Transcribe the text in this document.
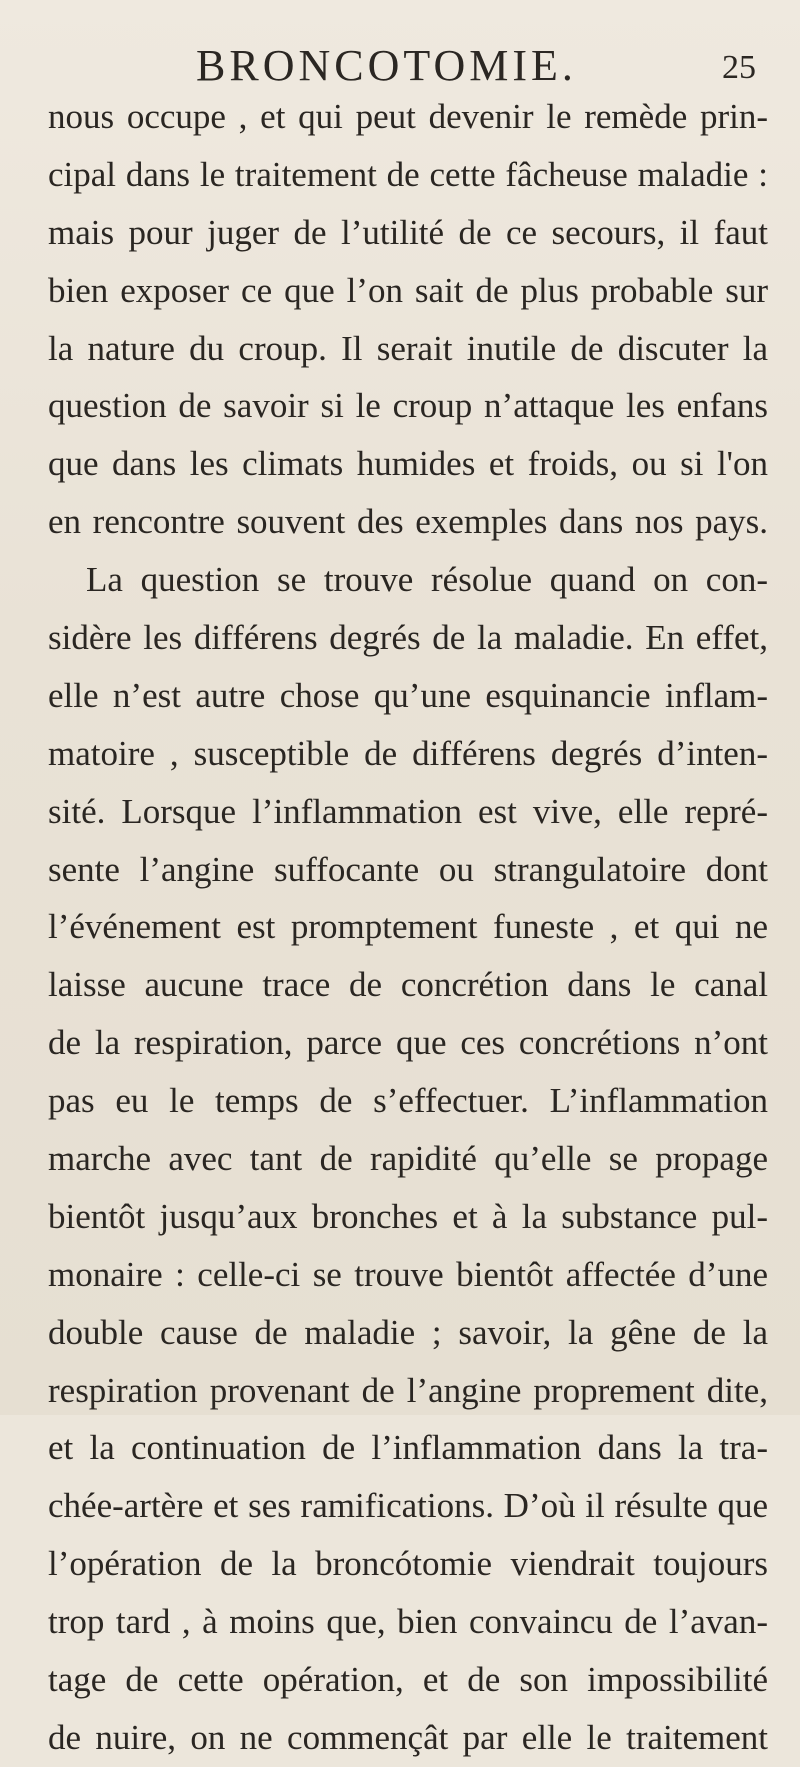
BRONCOTOMIE.	25
nous occupe , et qui peut devenir le remède prin-
cipal dans le traitement de cette fâcheuse maladie :
mais pour juger de l’utilité de ce secours, il faut
bien exposer ce que l’on sait de plus probable sur
la nature du croup. Il serait inutile de discuter la
question de savoir si le croup n’attaque les enfans
que dans les climats humides et froids, ou si l'on
en rencontre souvent des exemples dans nos pays.
La question se trouve résolue quand on con-
sidère les différens degrés de la maladie. En effet,
elle n’est autre chose qu’une esquinancie inflam-
matoire , susceptible de différens degrés d’inten-
sité. Lorsque l’inflammation est vive, elle repré-
sente l’angine suffocante ou strangulatoire dont
l’événement est promptement funeste , et qui ne
laisse aucune trace de concrétion dans le canal
de la respiration, parce que ces concrétions n’ont
pas eu le temps de s’effectuer. L’inflammation
marche avec tant de rapidité qu’elle se propage
bientôt jusqu’aux bronches et à la substance pul-
monaire : celle-ci se trouve bientôt affectée d’une
double cause de maladie ; savoir, la gêne de la
respiration provenant de l’angine proprement dite,
et la continuation de l’inflammation dans la tra-
chée-artère et ses ramifications. D’où il résulte que
l’opération de la broncótomie viendrait toujours
trop tard , à moins que, bien convaincu de l’avan-
tage de cette opération, et de son impossibilité
de nuire, on ne commençât par elle le traitement
